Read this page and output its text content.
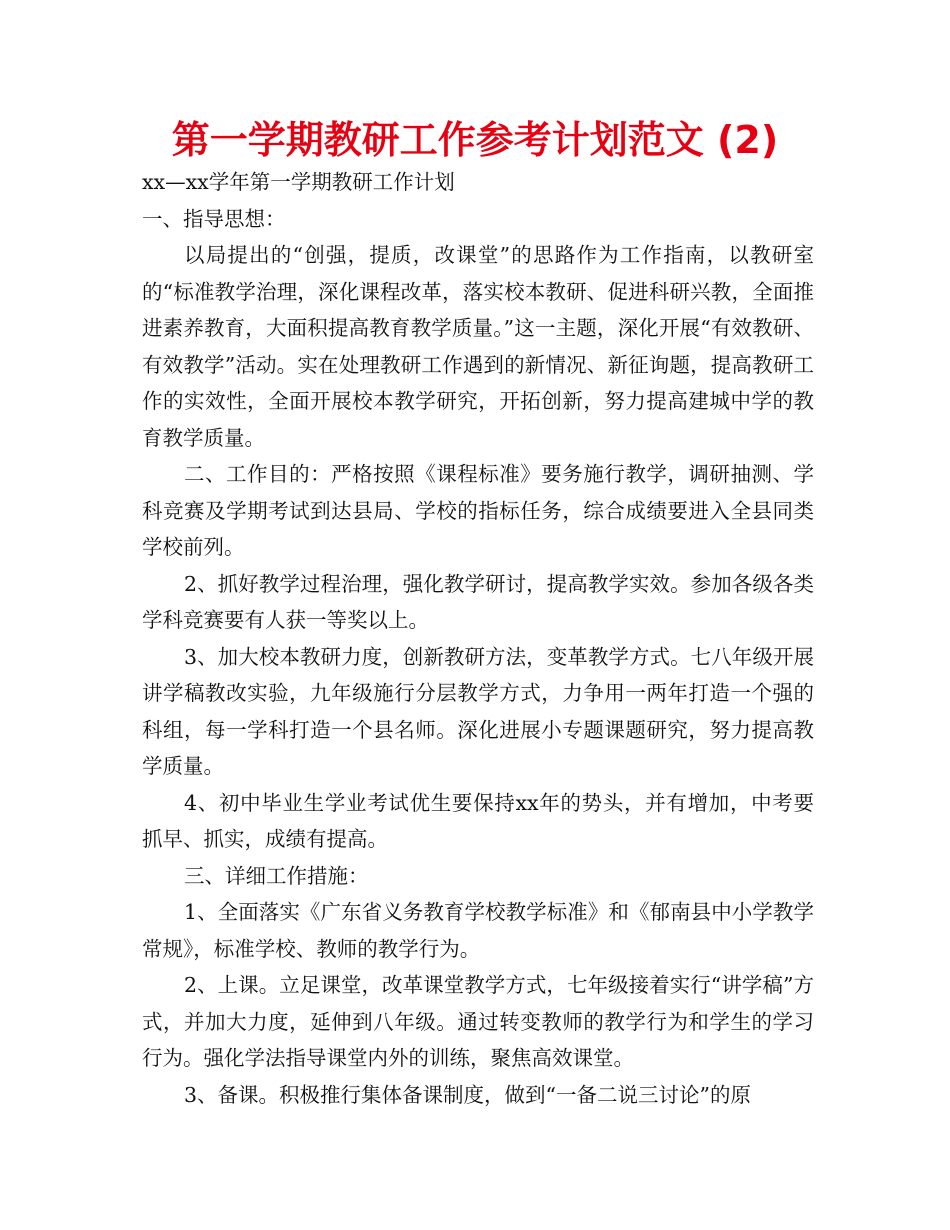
第一学期教研工作参考计划范文 (2)

xx—xx学年第一学期教研工作计划

一、指导思想：

以局提出的“创强，提质，改课堂”的思路作为工作指南，以教研室的“标准教学治理，深化课程改革，落实校本教研、促进科研兴教，全面推进素养教育，大面积提高教育教学质量。”这一主题，深化开展“有效教研、有效教学”活动。实在处理教研工作遇到的新情况、新征询题，提高教研工作的实效性，全面开展校本教学研究，开拓创新，努力提高建城中学的教育教学质量。

二、工作目的：严格按照《课程标准》要务施行教学，调研抽测、学科竞赛及学期考试到达县局、学校的指标任务，综合成绩要进入全县同类学校前列。

2、抓好教学过程治理，强化教学研讨，提高教学实效。参加各级各类学科竞赛要有人获一等奖以上。

3、加大校本教研力度，创新教研方法，变革教学方式。七八年级开展讲学稿教改实验，九年级施行分层教学方式，力争用一两年打造一个强的科组，每一学科打造一个县名师。深化进展小专题课题研究，努力提高教学质量。

4、初中毕业生学业考试优生要保持xx年的势头，并有增加，中考要抓早、抓实，成绩有提高。

三、详细工作措施：

1、全面落实《广东省义务教育学校教学标准》和《郁南县中小学教学常规》，标准学校、教师的教学行为。

2、上课。立足课堂，改革课堂教学方式，七年级接着实行“讲学稿”方式，并加大力度，延伸到八年级。通过转变教师的教学行为和学生的学习行为。强化学法指导课堂内外的训练，聚焦高效课堂。

3、备课。积极推行集体备课制度，做到“一备二说三讨论”的原
